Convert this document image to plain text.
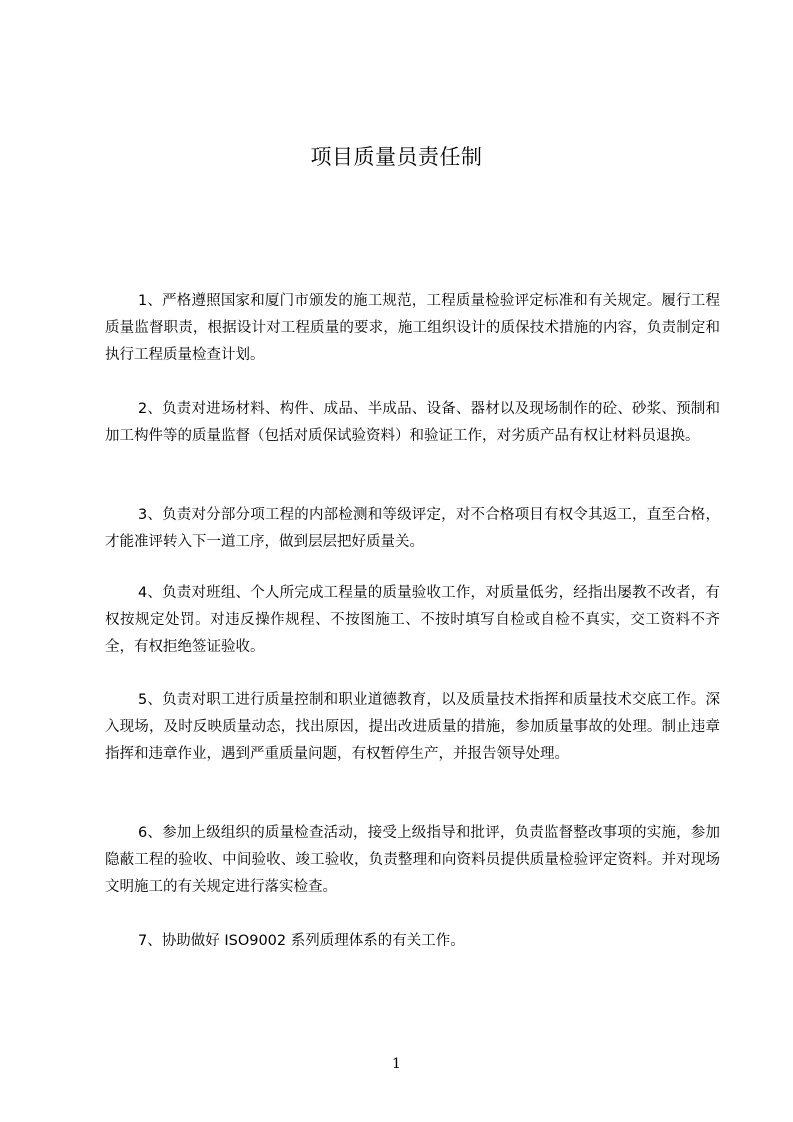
项目质量员责任制
1、严格遵照国家和厦门市颁发的施工规范，工程质量检验评定标准和有关规定。履行工程质量监督职责，根据设计对工程质量的要求，施工组织设计的质保技术措施的内容，负责制定和执行工程质量检查计划。
2、负责对进场材料、构件、成品、半成品、设备、器材以及现场制作的砼、砂浆、预制和加工构件等的质量监督（包括对质保试验资料）和验证工作，对劣质产品有权让材料员退换。
3、负责对分部分项工程的内部检测和等级评定，对不合格项目有权令其返工，直至合格，才能准评转入下一道工序，做到层层把好质量关。
4、负责对班组、个人所完成工程量的质量验收工作，对质量低劣，经指出屡教不改者，有权按规定处罚。对违反操作规程、不按图施工、不按时填写自检或自检不真实，交工资料不齐全，有权拒绝签证验收。
5、负责对职工进行质量控制和职业道德教育，以及质量技术指挥和质量技术交底工作。深入现场，及时反映质量动态，找出原因，提出改进质量的措施，参加质量事故的处理。制止违章指挥和违章作业，遇到严重质量问题，有权暂停生产，并报告领导处理。
6、参加上级组织的质量检查活动，接受上级指导和批评，负责监督整改事项的实施，参加隐蔽工程的验收、中间验收、竣工验收，负责整理和向资料员提供质量检验评定资料。并对现场文明施工的有关规定进行落实检查。
7、协助做好 ISO9002 系列质理体系的有关工作。
1
